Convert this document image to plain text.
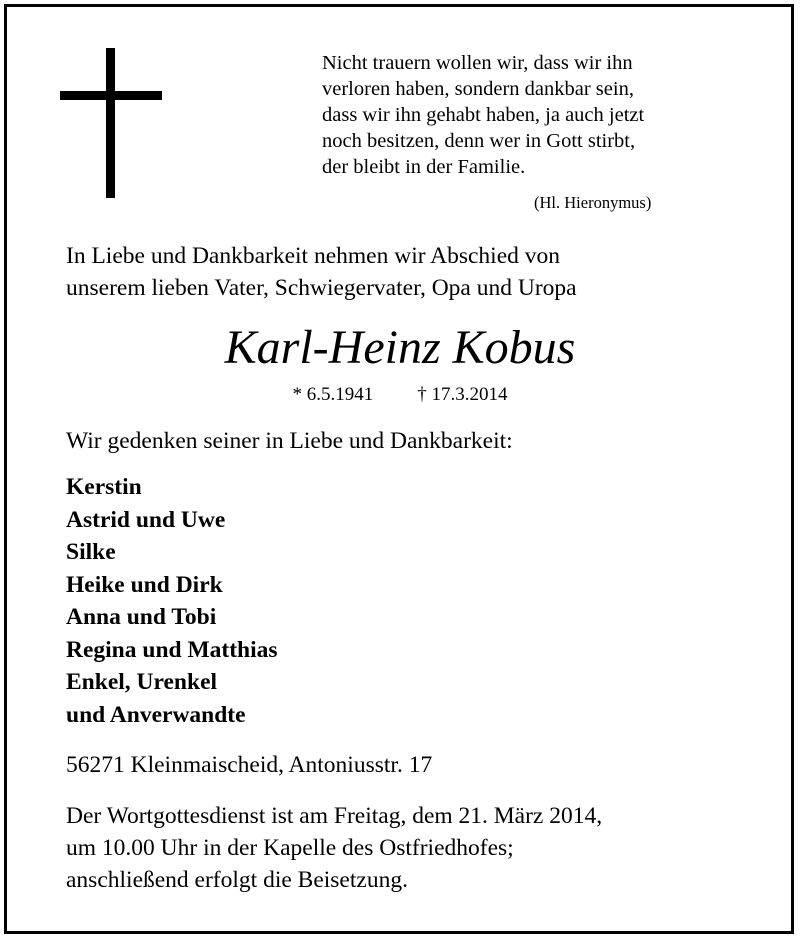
Nicht trauern wollen wir, dass wir ihn
verloren haben, sondern dankbar sein,
dass wir ihn gehabt haben, ja auch jetzt
noch besitzen, denn wer in Gott stirbt,
der bleibt in der Familie.
(Hl. Hieronymus)
In Liebe und Dankbarkeit nehmen wir Abschied von
unserem lieben Vater, Schwiegervater, Opa und Uropa
Karl-Heinz Kobus
* 6.5.1941 † 17.3.2014
Wir gedenken seiner in Liebe und Dankbarkeit:
Kerstin
Astrid und Uwe
Silke
Heike und Dirk
Anna und Tobi
Regina und Matthias
Enkel, Urenkel
und Anverwandte
56271 Kleinmaischeid, Antoniusstr. 17
Der Wortgottesdienst ist am Freitag, dem 21. März 2014,
um 10.00 Uhr in der Kapelle des Ostfriedhofes;
anschließend erfolgt die Beisetzung.
